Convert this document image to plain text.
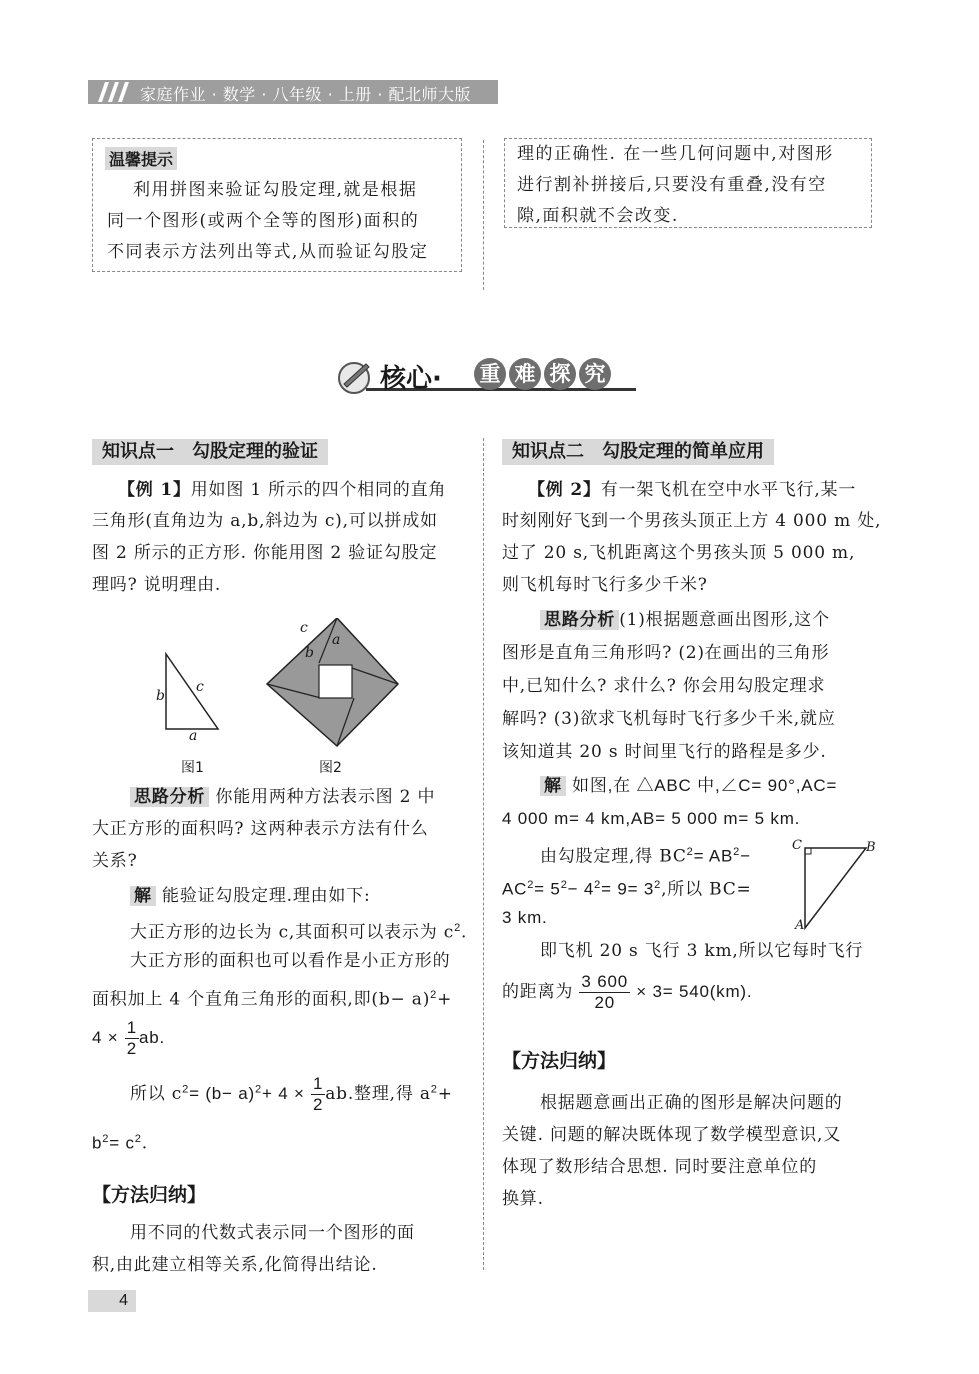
家庭作业 · 数学 · 八年级 · 上册 · 配北师大版
温馨提示
利用拼图来验证勾股定理,就是根据
同一个图形(或两个全等的图形)面积的
不同表示方法列出等式,从而验证勾股定
理的正确性. 在一些几何问题中,对图形
进行割补拼接后,只要没有重叠,没有空
隙,面积就不会改变.
核心· 重 难 探 究
知识点一　勾股定理的验证
【例 1】用如图 1 所示的四个相同的直角
三角形(直角边为 a,b,斜边为 c),可以拼成如
图 2 所示的正方形. 你能用图 2 验证勾股定
理吗? 说明理由.
b
c
a
c
a
b
图1	图2
思路分析 你能用两种方法表示图 2 中
大正方形的面积吗? 这两种表示方法有什么
关系?
解 能验证勾股定理.理由如下:
大正方形的边长为 c,其面积可以表示为 $c^2$.
大正方形的面积也可以看作是小正方形的
面积加上 4 个直角三角形的面积,即$(b- a)^2+$
$4 \times \frac{1}{2}$ ab.
所以 $c^2= (b- a)^2+ 4 \times \frac{1}{2}$ ab.整理,得 $a^2+$
$b^2= c^2$.
【方法归纳】
用不同的代数式表示同一个图形的面
积,由此建立相等关系,化简得出结论.
知识点二　勾股定理的简单应用
【例 2】有一架飞机在空中水平飞行,某一
时刻刚好飞到一个男孩头顶正上方 4 000 m 处,
过了 20 s,飞机距离这个男孩头顶 5 000 m,
则飞机每时飞行多少千米?
思路分析 (1)根据题意画出图形,这个
图形是直角三角形吗? (2)在画出的三角形
中,已知什么? 求什么? 你会用勾股定理求
解吗? (3)欲求飞机每时飞行多少千米,就应
该知道其 20 s 时间里飞行的路程是多少.
解 如图,在 △ABC 中,∠C= 90°,AC=
4 000 m= 4 km,AB= 5 000 m= 5 km.
由勾股定理,得 $BC^2= AB^2-$
$AC^2= 5^2- 4^2= 9= 3^2$,所以 BC=
3 km.
C	B
A
即飞机 20 s 飞行 3 km,所以它每时飞行
的距离为 $\frac{3 600}{20} \times 3= 540(km)$.
【方法归纳】
根据题意画出正确的图形是解决问题的
关键. 问题的解决既体现了数学模型意识,又
体现了数形结合思想. 同时要注意单位的
换算.
4
